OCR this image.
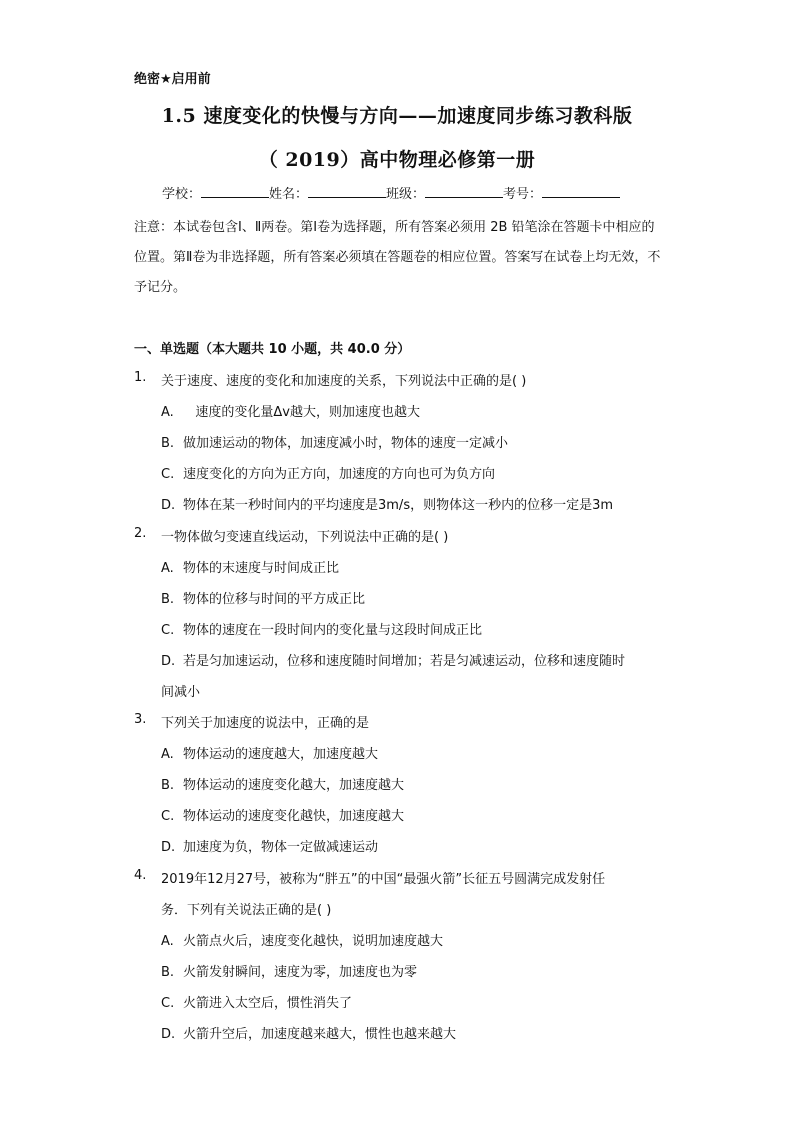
绝密★启用前
1.5 速度变化的快慢与方向——加速度同步练习教科版
（ 2019）高中物理必修第一册
学校：	姓名：	班级：	考号：
注意：本试卷包含Ⅰ、Ⅱ两卷。第Ⅰ卷为选择题，所有答案必须用 2B 铅笔涂在答题卡中相应的位置。第Ⅱ卷为非选择题，所有答案必须填在答题卷的相应位置。答案写在试卷上均无效，不予记分。
一、单选题（本大题共 10 小题，共 40.0 分）
1. 关于速度、速度的变化和加速度的关系，下列说法中正确的是( )
A.   速度的变化量Δv越大，则加速度也越大
B. 做加速运动的物体，加速度减小时，物体的速度一定减小
C. 速度变化的方向为正方向，加速度的方向也可为负方向
D. 物体在某一秒时间内的平均速度是3m/s，则物体这一秒内的位移一定是3m
2. 一物体做匀变速直线运动，下列说法中正确的是( )
A. 物体的末速度与时间成正比
B. 物体的位移与时间的平方成正比
C. 物体的速度在一段时间内的变化量与这段时间成正比
D. 若是匀加速运动，位移和速度随时间增加；若是匀减速运动，位移和速度随时
间减小
3. 下列关于加速度的说法中，正确的是
A. 物体运动的速度越大，加速度越大
B. 物体运动的速度变化越大，加速度越大
C. 物体运动的速度变化越快，加速度越大
D. 加速度为负，物体一定做减速运动
4. 2019年12月27号，被称为“胖五”的中国“最强火箭”长征五号圆满完成发射任
务．下列有关说法正确的是( )
A. 火箭点火后，速度变化越快，说明加速度越大
B. 火箭发射瞬间，速度为零，加速度也为零
C. 火箭进入太空后，惯性消失了
D. 火箭升空后，加速度越来越大，惯性也越来越大
